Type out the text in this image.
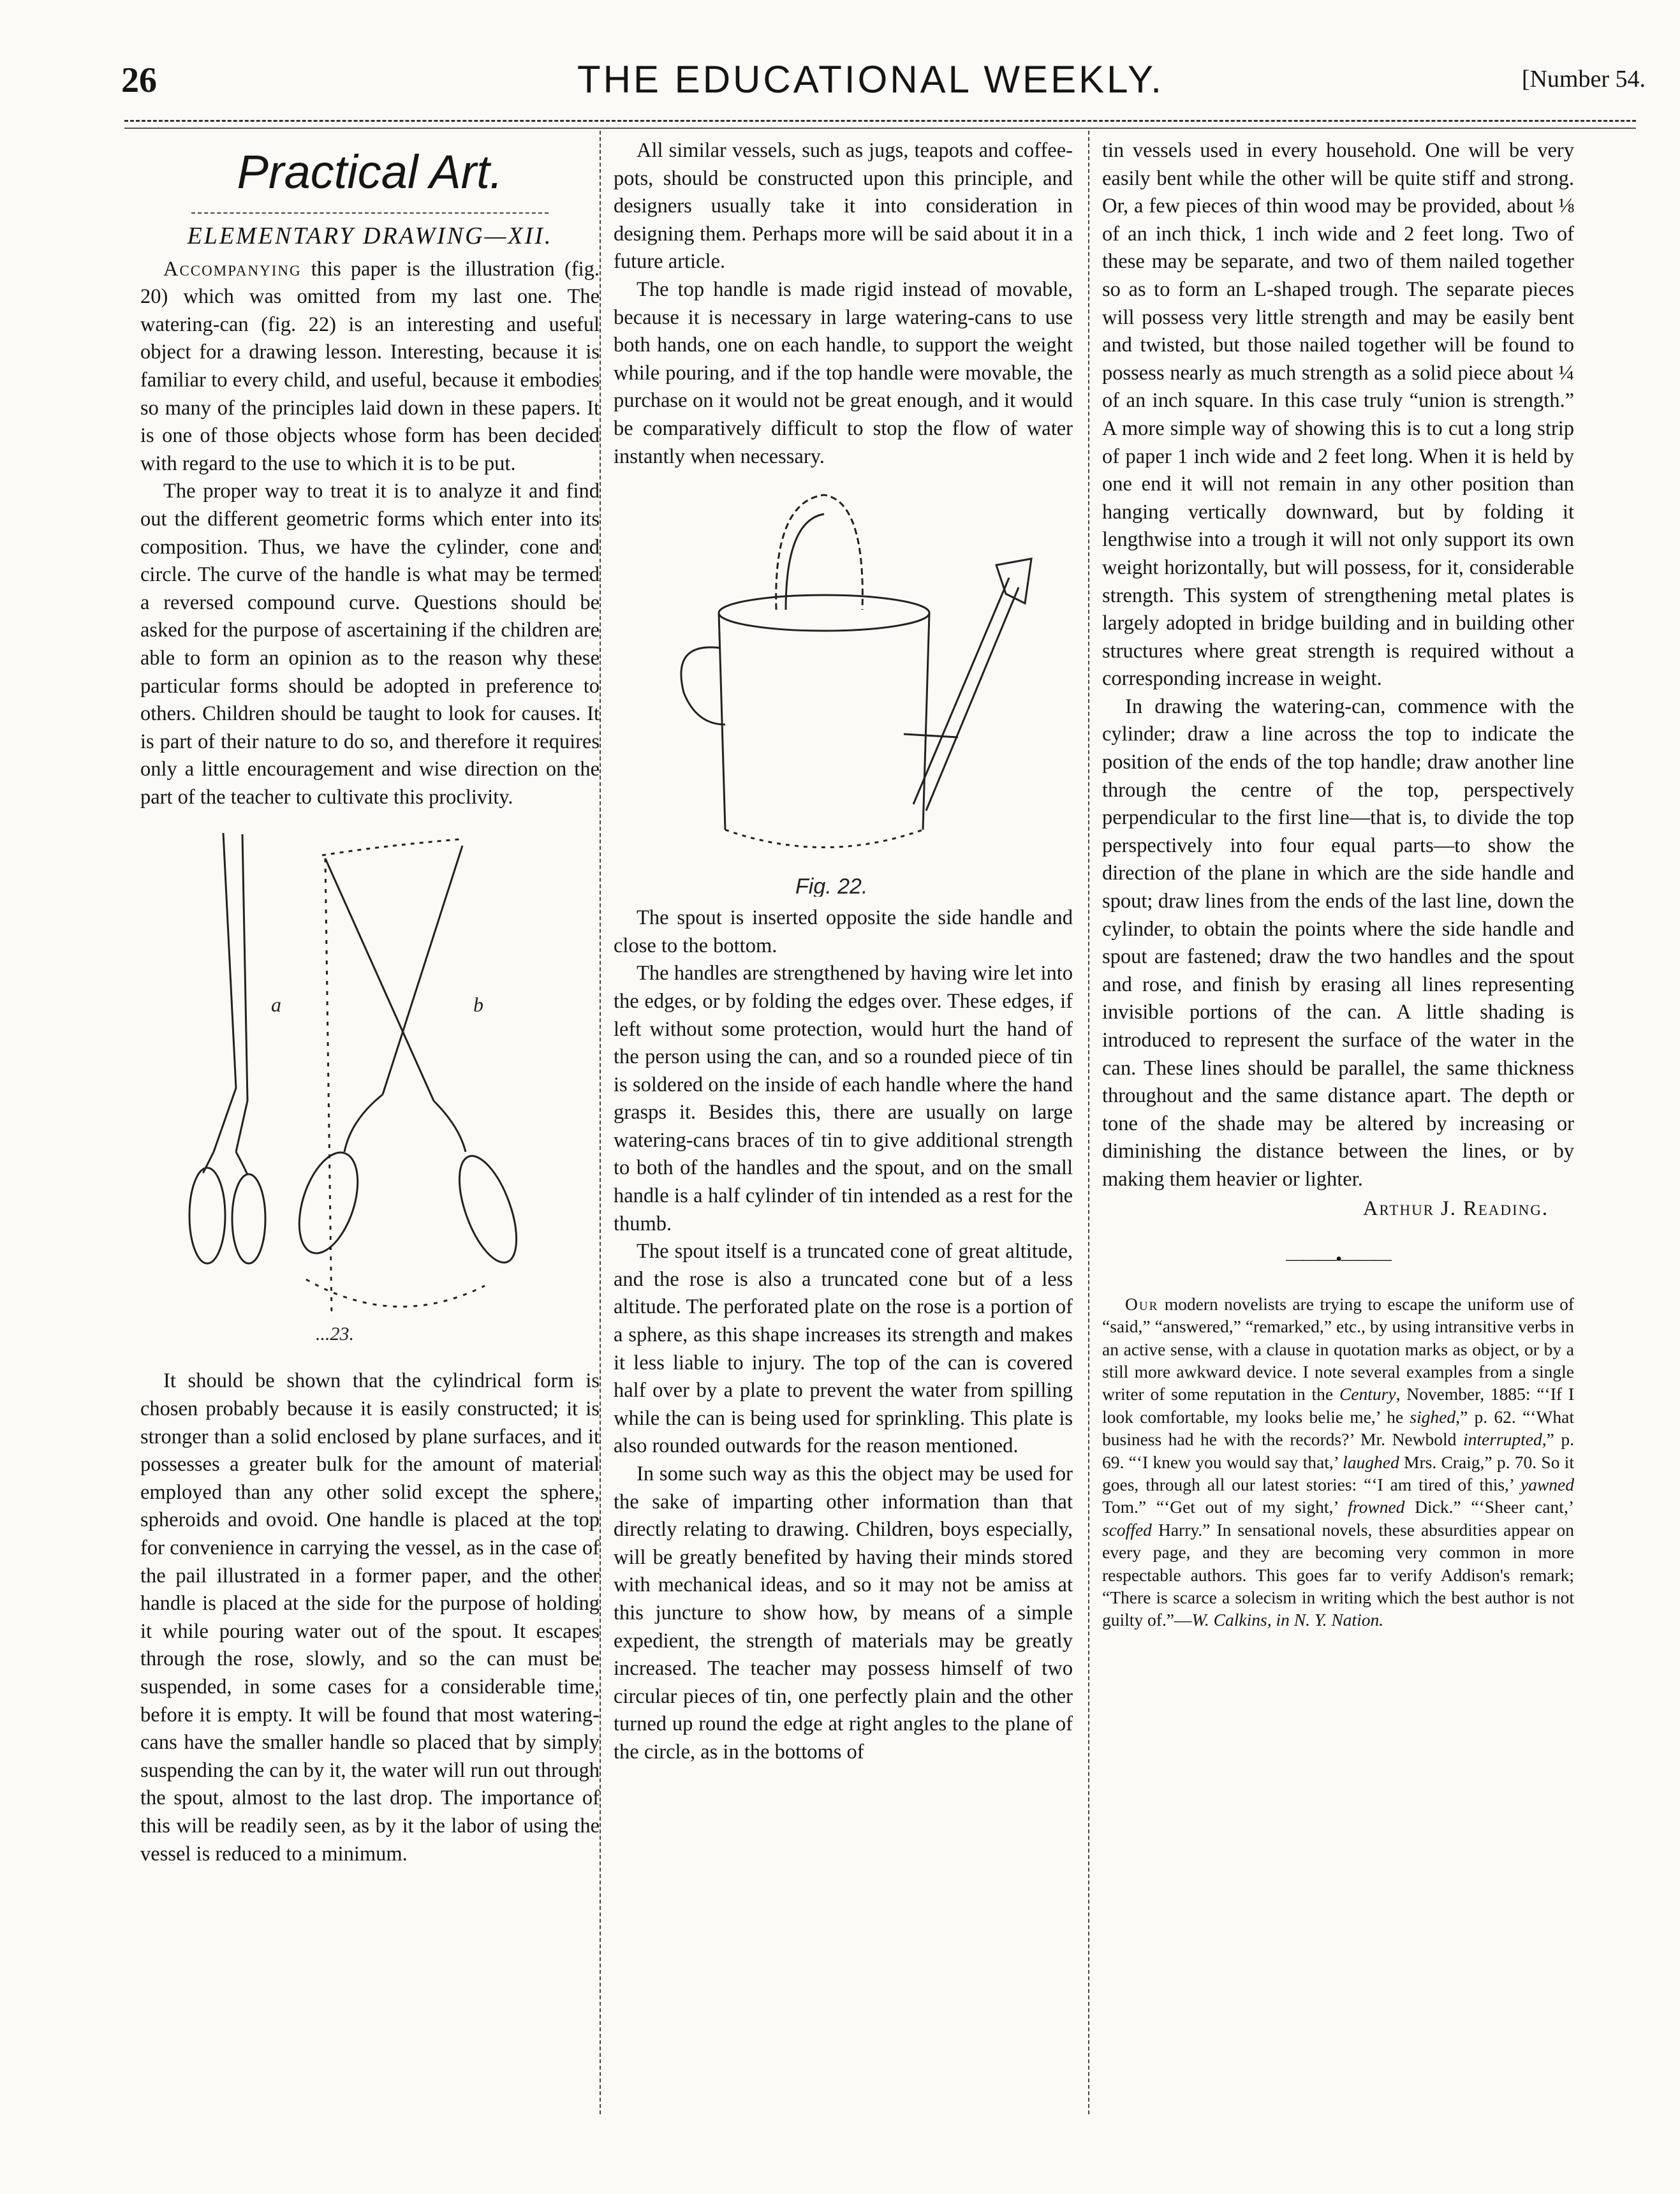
26	THE EDUCATIONAL WEEKLY.	[Number 54.
Practical Art.
ELEMENTARY DRAWING—XII.

Accompanying this paper is the illustration (fig. 20) which was omitted from my last one. The watering-can (fig. 22) is an interesting and useful object for a drawing lesson. Interesting, because it is familiar to every child, and useful, because it embodies so many of the principles laid down in these papers. It is one of those objects whose form has been decided with regard to the use to which it is to be put.

The proper way to treat it is to analyze it and find out the different geometric forms which enter into its composition. Thus, we have the cylinder, cone and circle. The curve of the handle is what may be termed a reversed compound curve. Questions should be asked for the purpose of ascertaining if the children are able to form an opinion as to the reason why these particular forms should be adopted in preference to others. Children should be taught to look for causes. It is part of their nature to do so, and therefore it requires only a little encouragement and wise direction on the part of the teacher to cultivate this proclivity.

a	b
...23.

It should be shown that the cylindrical form is chosen probably because it is easily constructed; it is stronger than a solid enclosed by plane surfaces, and it possesses a greater bulk for the amount of material employed than any other solid except the sphere, spheroids and ovoid. One handle is placed at the top for convenience in carrying the vessel, as in the case of the pail illustrated in a former paper, and the other handle is placed at the side for the purpose of holding it while pouring water out of the spout. It escapes through the rose, slowly, and so the can must be suspended, in some cases for a considerable time, before it is empty. It will be found that most watering-cans have the smaller handle so placed that by simply suspending the can by it, the water will run out through the spout, almost to the last drop. The importance of this will be readily seen, as by it the labor of using the vessel is reduced to a minimum.

All similar vessels, such as jugs, teapots and coffee-pots, should be constructed upon this principle, and designers usually take it into consideration in designing them. Perhaps more will be said about it in a future article.

The top handle is made rigid instead of movable, because it is necessary in large watering-cans to use both hands, one on each handle, to support the weight while pouring, and if the top handle were movable, the purchase on it would not be great enough, and it would be comparatively difficult to stop the flow of water instantly when necessary.

Fig. 22.

The spout is inserted opposite the side handle and close to the bottom.

The handles are strengthened by having wire let into the edges, or by folding the edges over. These edges, if left without some protection, would hurt the hand of the person using the can, and so a rounded piece of tin is soldered on the inside of each handle where the hand grasps it. Besides this, there are usually on large watering-cans braces of tin to give additional strength to both of the handles and the spout, and on the small handle is a half cylinder of tin intended as a rest for the thumb.

The spout itself is a truncated cone of great altitude, and the rose is also a truncated cone but of a less altitude. The perforated plate on the rose is a portion of a sphere, as this shape increases its strength and makes it less liable to injury. The top of the can is covered half over by a plate to prevent the water from spilling while the can is being used for sprinkling. This plate is also rounded outwards for the reason mentioned.

In some such way as this the object may be used for the sake of imparting other information than that directly relating to drawing. Children, boys especially, will be greatly benefited by having their minds stored with mechanical ideas, and so it may not be amiss at this juncture to show how, by means of a simple expedient, the strength of materials may be greatly increased. The teacher may possess himself of two circular pieces of tin, one perfectly plain and the other turned up round the edge at right angles to the plane of the circle, as in the bottoms of

tin vessels used in every household. One will be very easily bent while the other will be quite stiff and strong. Or, a few pieces of thin wood may be provided, about ⅛ of an inch thick, 1 inch wide and 2 feet long. Two of these may be separate, and two of them nailed together so as to form an L-shaped trough. The separate pieces will possess very little strength and may be easily bent and twisted, but those nailed together will be found to possess nearly as much strength as a solid piece about ¼ of an inch square. In this case truly “union is strength.” A more simple way of showing this is to cut a long strip of paper 1 inch wide and 2 feet long. When it is held by one end it will not remain in any other position than hanging vertically downward, but by folding it lengthwise into a trough it will not only support its own weight horizontally, but will possess, for it, considerable strength. This system of strengthening metal plates is largely adopted in bridge building and in building other structures where great strength is required without a corresponding increase in weight.

In drawing the watering-can, commence with the cylinder; draw a line across the top to indicate the position of the ends of the top handle; draw another line through the centre of the top, perspectively perpendicular to the first line—that is, to divide the top perspectively into four equal parts—to show the direction of the plane in which are the side handle and spout; draw lines from the ends of the last line, down the cylinder, to obtain the points where the side handle and spout are fastened; draw the two handles and the spout and rose, and finish by erasing all lines representing invisible portions of the can. A little shading is introduced to represent the surface of the water in the can. These lines should be parallel, the same thickness throughout and the same distance apart. The depth or tone of the shade may be altered by increasing or diminishing the distance between the lines, or by making them heavier or lighter.

Arthur J. Reading.
———•———

Our modern novelists are trying to escape the uniform use of “said,” “answered,” “remarked,” etc., by using intransitive verbs in an active sense, with a clause in quotation marks as object, or by a still more awkward device. I note several examples from a single writer of some reputation in the Century, November, 1885: “‘If I look comfortable, my looks belie me,’ he sighed,” p. 62. “‘What business had he with the records?’ Mr. Newbold interrupted,” p. 69. “‘I knew you would say that,’ laughed Mrs. Craig,” p. 70. So it goes, through all our latest stories: “‘I am tired of this,’ yawned Tom.” “‘Get out of my sight,’ frowned Dick.” “‘Sheer cant,’ scoffed Harry.” In sensational novels, these absurdities appear on every page, and they are becoming very common in more respectable authors. This goes far to verify Addison's remark; “There is scarce a solecism in writing which the best author is not guilty of.”—W. Calkins, in N. Y. Nation.
